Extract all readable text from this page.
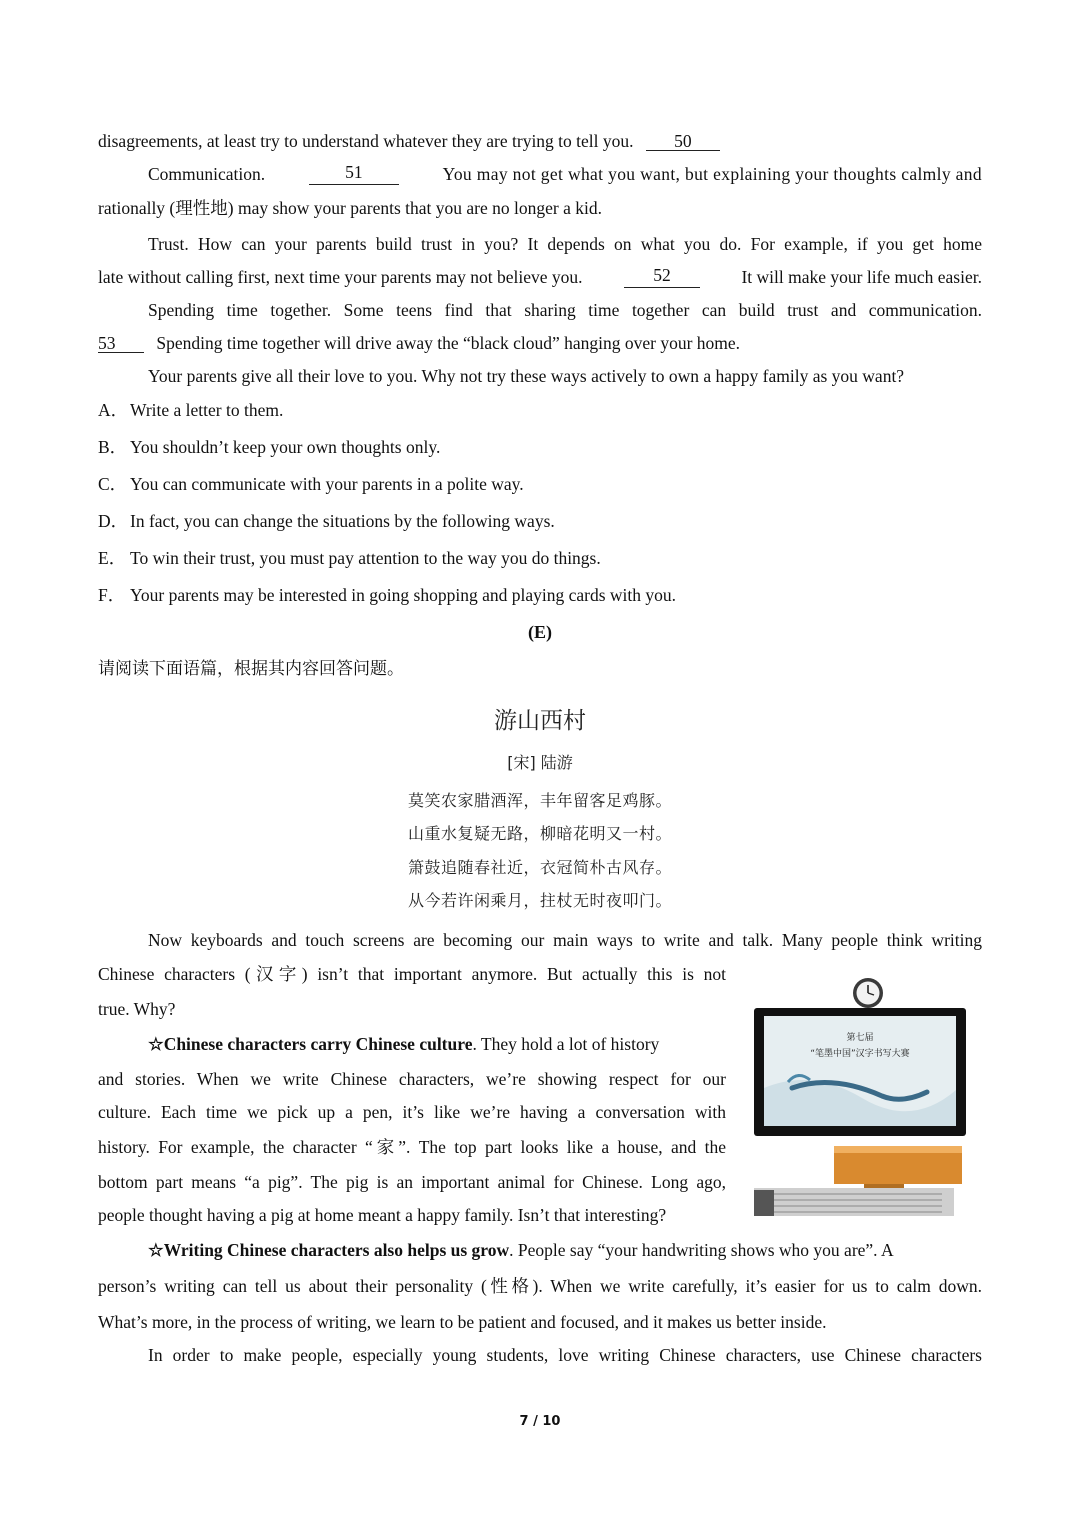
disagreements, at least try to understand whatever they are trying to tell you. 50
Communication.	51	You may not get what you want, but explaining your thoughts calmly and
rationally (理性地) may show your parents that you are no longer a kid.
Trust. How can your parents build trust in you? It depends on what you do. For example, if you get home
late without calling first, next time your parents may not believe you.	52	It will make your life much easier.
Spending time together. Some teens find that sharing time together can build trust and communication.
53 Spending time together will drive away the “black cloud” hanging over your home.
Your parents give all their love to you. Why not try these ways actively to own a happy family as you want?
A． Write a letter to them.
B． You shouldn’t keep your own thoughts only.
C． You can communicate with your parents in a polite way.
D． In fact, you can change the situations by the following ways.
E． To win their trust, you must pay attention to the way you do things.
F． Your parents may be interested in going shopping and playing cards with you.
(E)
请阅读下面语篇，根据其内容回答问题。
游山西村
[宋] 陆游
莫笑农家腊酒浑，丰年留客足鸡豚。
山重水复疑无路，柳暗花明又一村。
箫鼓追随春社近，衣冠简朴古风存。
从今若许闲乘月，拄杖无时夜叩门。
Now keyboards and touch screens are becoming our main ways to write and talk. Many people think writing
Chinese characters (汉字) isn’t that important anymore. But actually this is not
true. Why?
☆Chinese characters carry Chinese culture. They hold a lot of history
and stories. When we write Chinese characters, we’re showing respect for our
culture. Each time we pick up a pen, it’s like we’re having a conversation with
history. For example, the character “家”. The top part looks like a house, and the
bottom part means “a pig”. The pig is an important animal for Chinese. Long ago,
people thought having a pig at home meant a happy family. Isn’t that interesting?
☆Writing Chinese characters also helps us grow. People say “your handwriting shows who you are”. A
person’s writing can tell us about their personality (性格). When we write carefully, it’s easier for us to calm down.
What’s more, in the process of writing, we learn to be patient and focused, and it makes us better inside.
In order to make people, especially young students, love writing Chinese characters, use Chinese characters
第七届
“笔墨中国”汉字书写大赛
7 / 10
